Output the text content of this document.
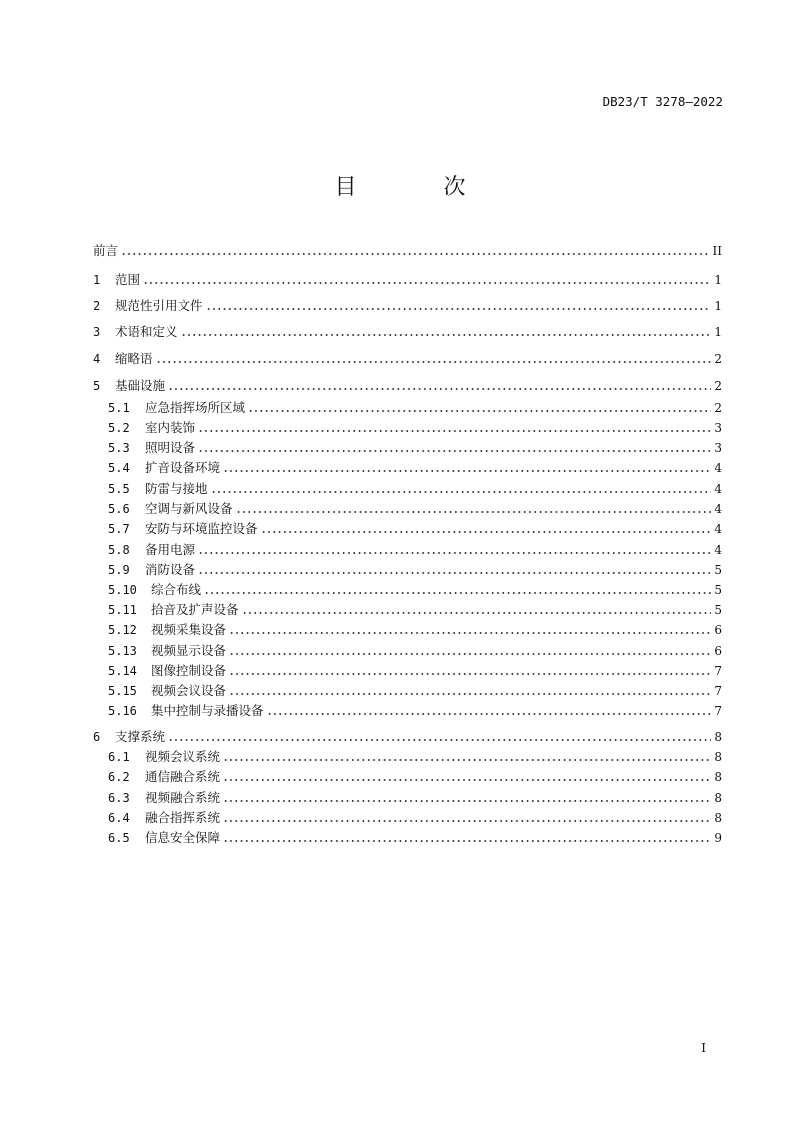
DB23/T 3278—2022
目 次
前言	II
1	范围	1
2	规范性引用文件	1
3	术语和定义	1
4	缩略语	2
5	基础设施	2
5.1	应急指挥场所区域	2
5.2	室内装饰	3
5.3	照明设备	3
5.4	扩音设备环境	4
5.5	防雷与接地	4
5.6	空调与新风设备	4
5.7	安防与环境监控设备	4
5.8	备用电源	4
5.9	消防设备	5
5.10	综合布线	5
5.11	拾音及扩声设备	5
5.12	视频采集设备	6
5.13	视频显示设备	6
5.14	图像控制设备	7
5.15	视频会议设备	7
5.16	集中控制与录播设备	7
6	支撑系统	8
6.1	视频会议系统	8
6.2	通信融合系统	8
6.3	视频融合系统	8
6.4	融合指挥系统	8
6.5	信息安全保障	9
I
